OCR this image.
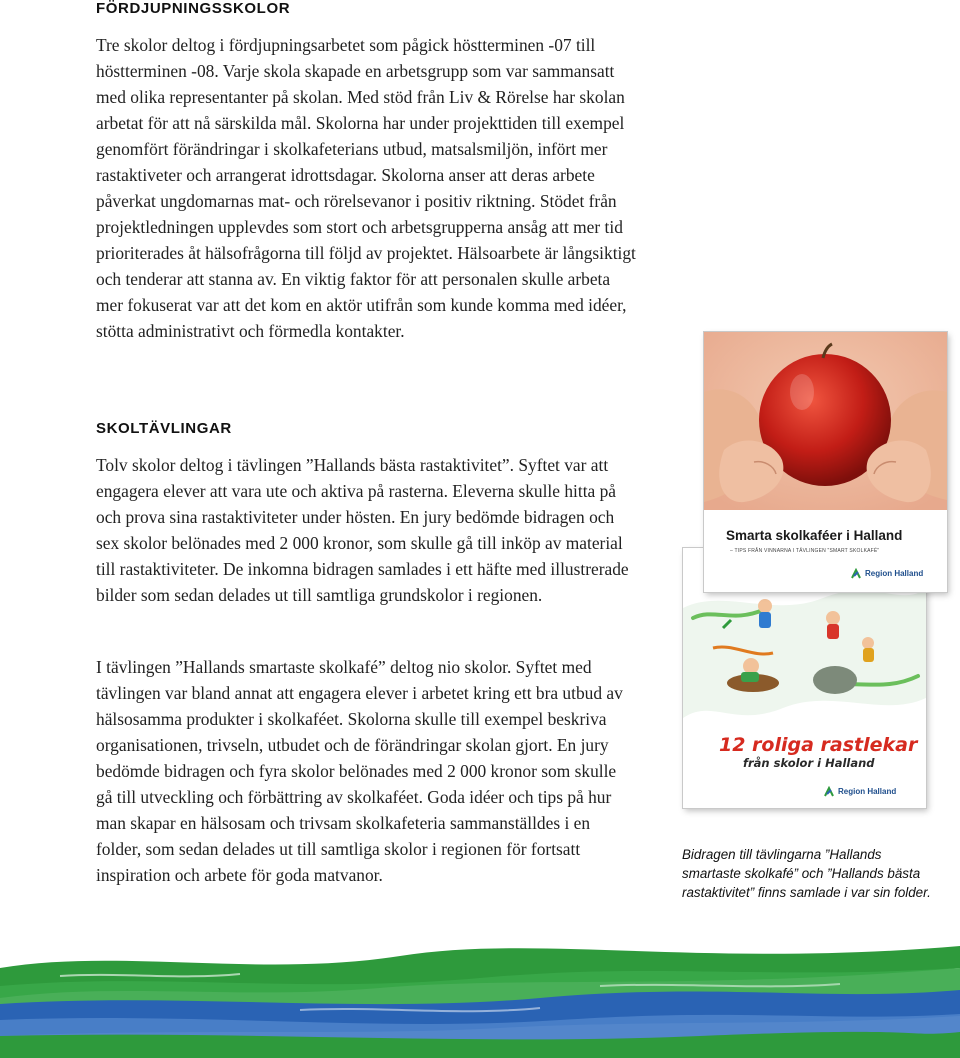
FÖRDJUPNINGSSKOLOR

Tre skolor deltog i fördjupningsarbetet som pågick höstterminen -07 till höstterminen -08. Varje skola skapade en arbetsgrupp som var sammansatt med olika representanter på skolan. Med stöd från Liv & Rörelse har skolan arbetat för att nå särskilda mål. Skolorna har under projekttiden till exempel genomfört förändringar i skolkafeterians utbud, matsalsmiljön, infört mer rastaktiveter och arrangerat idrottsdagar. Skolorna anser att deras arbete påverkat ungdomarnas mat- och rörelsevanor i positiv riktning. Stödet från projektledningen upplevdes som stort och arbetsgrupperna ansåg att mer tid prioriterades åt hälsofrågorna till följd av projektet. Hälsoarbete är långsiktigt och tenderar att stanna av. En viktig faktor för att personalen skulle arbeta mer fokuserat var att det kom en aktör utifrån som kunde komma med idéer, stötta administrativt och förmedla kontakter.

SKOLTÄVLINGAR

Tolv skolor deltog i tävlingen ”Hallands bästa rastaktivitet”. Syftet var att engagera elever att vara ute och aktiva på rasterna. Eleverna skulle hitta på och prova sina rastaktiviteter under hösten. En jury bedömde bidragen och sex skolor belönades med 2 000 kronor, som skulle gå till inköp av material till rastaktiviteter. De inkomna bidragen samlades i ett häfte med illustrerade bilder som sedan delades ut till samtliga grundskolor i regionen.

I tävlingen ”Hallands smartaste skolkafé” deltog nio skolor. Syftet med tävlingen var bland annat att engagera elever i arbetet kring ett bra utbud av hälsosamma produkter i skolkaféet. Skolorna skulle till exempel beskriva organisationen, trivseln, utbudet och de förändringar skolan gjort. En jury bedömde bidragen och fyra skolor belönades med 2 000 kronor som skulle gå till utveckling och förbättring av skolkaféet. Goda idéer och tips på hur man skapar en hälsosam och trivsam skolkafeteria sammanställdes i en folder, som sedan delades ut till samtliga skolor i regionen för fortsatt inspiration och arbete för goda matvanor.

12 roliga rastlekar

från skolor i Halland

Region Halland

Smarta skolkaféer i Halland

– TIPS FRÅN VINNARNA I TÄVLINGEN "SMART SKOLKAFÉ"

Region Halland

Bidragen till tävlingarna ”Hallands smartaste skolkafé” och ”Hallands bästa rastaktivitet” finns samlade i var sin folder.
